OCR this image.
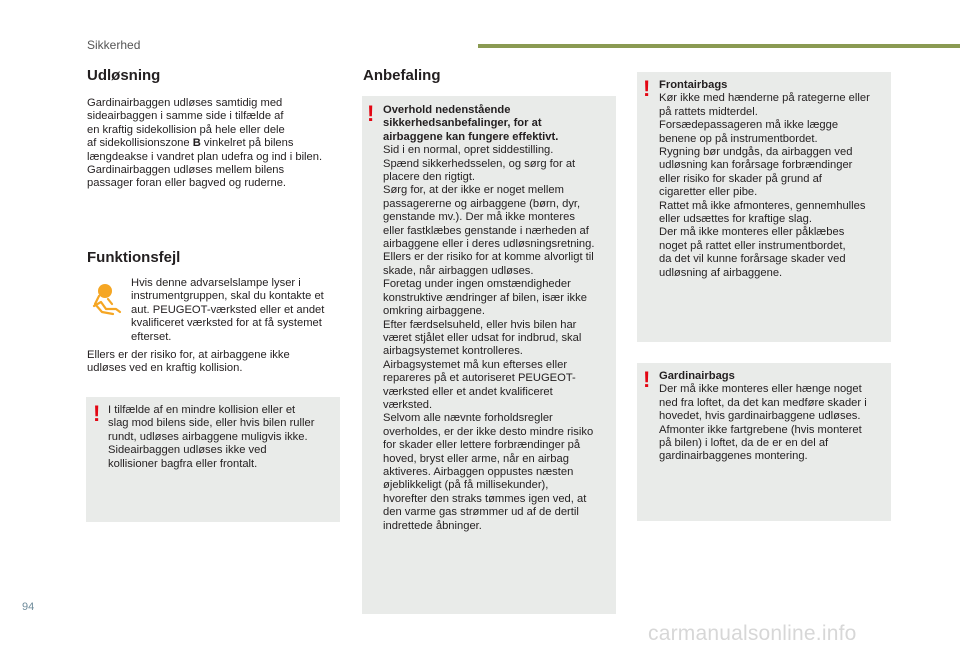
Sikkerhed
Udløsning

Gardinairbaggen udløses samtidig med

sideairbaggen i samme side i tilfælde af

en kraftig sidekollision på hele eller dele

af sidekollisionszone B vinkelret på bilens

længdeakse i vandret plan udefra og ind i bilen.

Gardinairbaggen udløses mellem bilens

passager foran eller bagved og ruderne.

Funktionsfejl

Hvis denne advarselslampe lyser i

instrumentgruppen, skal du kontakte et

aut. PEUGEOT-værksted eller et andet

kvalificeret værksted for at få systemet

efterset.

Ellers er der risiko for, at airbaggene ikke

udløses ved en kraftig kollision.

! I tilfælde af en mindre kollision eller et

slag mod bilens side, eller hvis bilen ruller

rundt, udløses airbaggene muligvis ikke.

Sideairbaggen udløses ikke ved

kollisioner bagfra eller frontalt.

Anbefaling
! Overhold nedenstående

sikkerhedsanbefalinger, for at

airbaggene kan fungere effektivt.

Sid i en normal, opret siddestilling.

Spænd sikkerhedsselen, og sørg for at

placere den rigtigt.

Sørg for, at der ikke er noget mellem

passagererne og airbaggene (børn, dyr,

genstande mv.). Der må ikke monteres

eller fastklæbes genstande i nærheden af

airbaggene eller i deres udløsningsretning.

Ellers er der risiko for at komme alvorligt til

skade, når airbaggen udløses.

Foretag under ingen omstændigheder

konstruktive ændringer af bilen, især ikke

omkring airbaggene.

Efter færdselsuheld, eller hvis bilen har

været stjålet eller udsat for indbrud, skal

airbagsystemet kontrolleres.

Airbagsystemet må kun efterses eller

repareres på et autoriseret PEUGEOT-

værksted eller et andet kvalificeret

værksted.

Selvom alle nævnte forholdsregler

overholdes, er der ikke desto mindre risiko

for skader eller lettere forbrændinger på

hoved, bryst eller arme, når en airbag

aktiveres. Airbaggen oppustes næsten

øjeblikkeligt (på få millisekunder),

hvorefter den straks tømmes igen ved, at

den varme gas strømmer ud af de dertil

indrettede åbninger.

! Frontairbags

Kør ikke med hænderne på rategerne eller

på rattets midterdel.

Forsædepassageren må ikke lægge

benene op på instrumentbordet.

Rygning bør undgås, da airbaggen ved

udløsning kan forårsage forbrændinger

eller risiko for skader på grund af

cigaretter eller pibe.

Rattet må ikke afmonteres, gennemhulles

eller udsættes for kraftige slag.

Der må ikke monteres eller påklæbes

noget på rattet eller instrumentbordet,

da det vil kunne forårsage skader ved

udløsning af airbaggene.

! Gardinairbags

Der må ikke monteres eller hænge noget

ned fra loftet, da det kan medføre skader i

hovedet, hvis gardinairbaggene udløses.

Afmonter ikke fartgrebene (hvis monteret

på bilen) i loftet, da de er en del af

gardinairbaggenes montering.

94
carmanualsonline.info
